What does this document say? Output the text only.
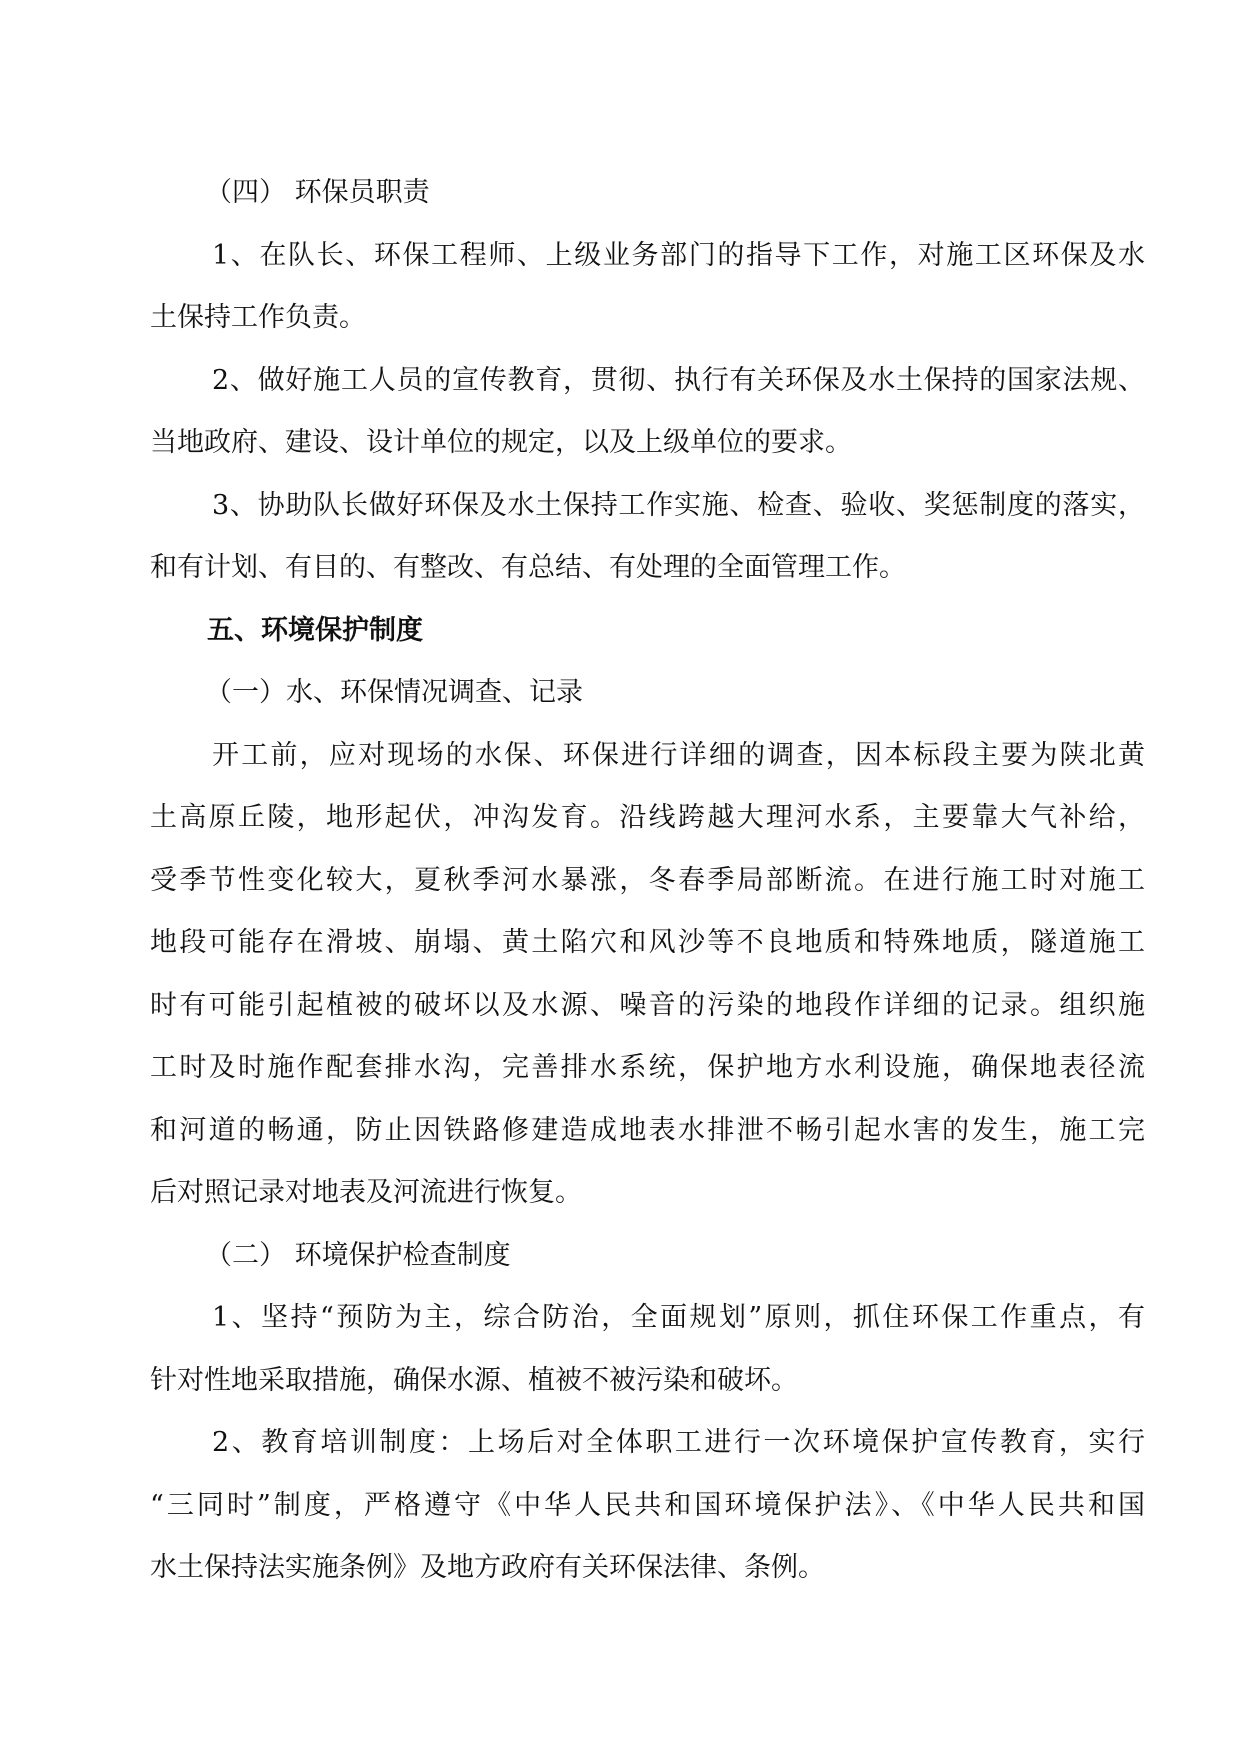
（四） 环保员职责
1、在队长、环保工程师、上级业务部门的指导下工作，对施工区环保及水
土保持工作负责。
2、做好施工人员的宣传教育，贯彻、执行有关环保及水土保持的国家法规、
当地政府、建设、设计单位的规定，以及上级单位的要求。
3、协助队长做好环保及水土保持工作实施、检查、验收、奖惩制度的落实，
和有计划、有目的、有整改、有总结、有处理的全面管理工作。
五、环境保护制度
（一）水、环保情况调查、记录
开工前，应对现场的水保、环保进行详细的调查，因本标段主要为陕北黄
土高原丘陵，地形起伏，冲沟发育。沿线跨越大理河水系，主要靠大气补给，
受季节性变化较大，夏秋季河水暴涨，冬春季局部断流。在进行施工时对施工
地段可能存在滑坡、崩塌、黄土陷穴和风沙等不良地质和特殊地质，隧道施工
时有可能引起植被的破坏以及水源、噪音的污染的地段作详细的记录。组织施
工时及时施作配套排水沟，完善排水系统，保护地方水利设施，确保地表径流
和河道的畅通，防止因铁路修建造成地表水排泄不畅引起水害的发生，施工完
后对照记录对地表及河流进行恢复。
（二） 环境保护检查制度
1、坚持“预防为主，综合防治，全面规划”原则，抓住环保工作重点，有
针对性地采取措施，确保水源、植被不被污染和破坏。
2、教育培训制度：上场后对全体职工进行一次环境保护宣传教育，实行
“三同时”制度，严格遵守《中华人民共和国环境保护法》、《中华人民共和国
水土保持法实施条例》及地方政府有关环保法律、条例。
